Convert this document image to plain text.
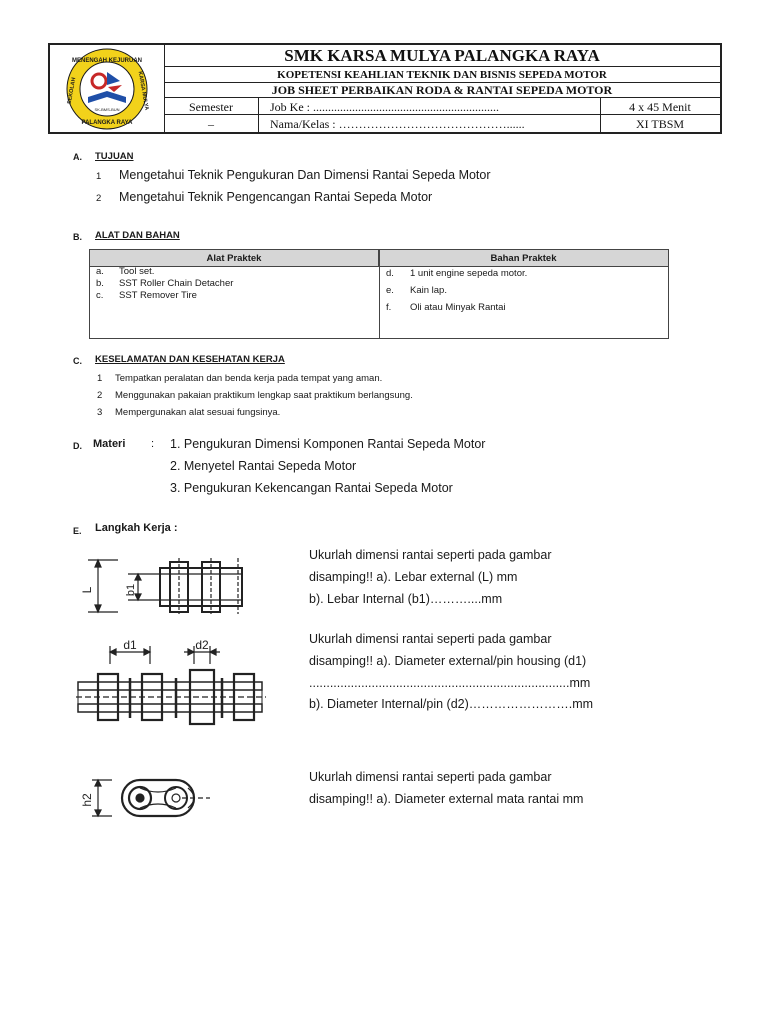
MENENGAH KEJURUAN
PALANGKA RAYA
SEKOLAH	KARSA MULYA
SK-BMS-BUN
SMK KARSA MULYA PALANGKA RAYA
KOPETENSI KEAHLIAN TEKNIK DAN BISNIS SEPEDA MOTOR
JOB SHEET PERBAIKAN RODA & RANTAI SEPEDA MOTOR
Semester	Job Ke : ..............................................................	4 x 45 Menit
–	Nama/Kelas : ……………………………………......	XI TBSM
A. TUJUAN
1 Mengetahui Teknik Pengukuran Dan Dimensi Rantai Sepeda Motor
2 Mengetahui Teknik Pengencangan Rantai Sepeda Motor
B. ALAT DAN BAHAN
Alat Praktek	Bahan Praktek
a. Tool set.
b. SST Roller Chain Detacher
c. SST Remover Tire
d. 1 unit engine sepeda motor.
e. Kain lap.
f. Oli atau Minyak Rantai
C. KESELAMATAN DAN KESEHATAN KERJA
1 Tempatkan peralatan dan benda kerja pada tempat yang aman.
2 Menggunakan pakaian praktikum lengkap saat praktikum berlangsung.
3 Mempergunakan alat sesuai fungsinya.
D. Materi : 1. Pengukuran Dimensi Komponen Rantai Sepeda Motor
2. Menyetel Rantai Sepeda Motor
3. Pengukuran Kekencangan Rantai Sepeda Motor
E. Langkah Kerja :
L	b1
Ukurlah dimensi rantai seperti pada gambar
disamping!! a). Lebar external (L) mm
b). Lebar Internal (b1)………....mm
d1	d2	Ukurlah dimensi rantai seperti pada gambar
disamping!! a). Diameter external/pin housing (d1)
...........................................................................mm
b). Diameter Internal/pin (d2)…………………….mm
h2
Ukurlah dimensi rantai seperti pada gambar
disamping!! a). Diameter external mata rantai mm
